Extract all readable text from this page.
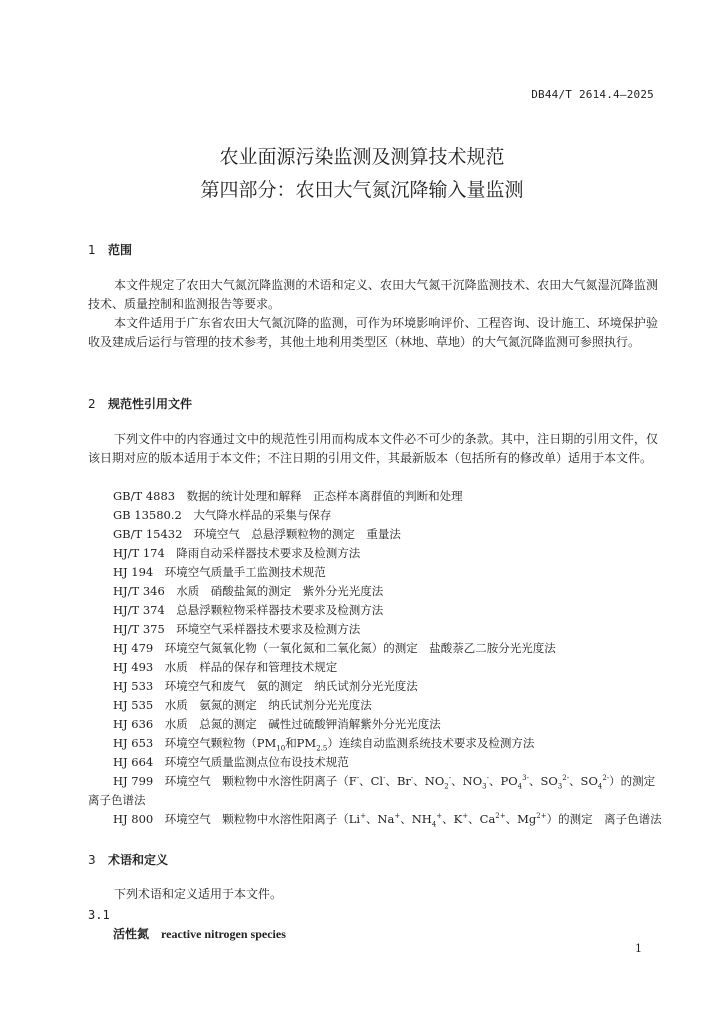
DB44/T 2614.4—2025
农业面源污染监测及测算技术规范
第四部分：农田大气氮沉降输入量监测
1 范围
本文件规定了农田大气氮沉降监测的术语和定义、农田大气氮干沉降监测技术、农田大气氮湿沉降监测技术、质量控制和监测报告等要求。
本文件适用于广东省农田大气氮沉降的监测，可作为环境影响评价、工程咨询、设计施工、环境保护验收及建成后运行与管理的技术参考，其他土地利用类型区（林地、草地）的大气氮沉降监测可参照执行。
2 规范性引用文件
下列文件中的内容通过文中的规范性引用而构成本文件必不可少的条款。其中，注日期的引用文件，仅该日期对应的版本适用于本文件；不注日期的引用文件，其最新版本（包括所有的修改单）适用于本文件。
GB/T 4883　数据的统计处理和解释　正态样本离群值的判断和处理
GB 13580.2　大气降水样品的采集与保存
GB/T 15432　环境空气　总悬浮颗粒物的测定　重量法
HJ/T 174　降雨自动采样器技术要求及检测方法
HJ 194　环境空气质量手工监测技术规范
HJ/T 346　水质　硝酸盐氮的测定　紫外分光光度法
HJ/T 374　总悬浮颗粒物采样器技术要求及检测方法
HJ/T 375　环境空气采样器技术要求及检测方法
HJ 479　环境空气氮氧化物（一氧化氮和二氧化氮）的测定　盐酸萘乙二胺分光光度法
HJ 493　水质　样品的保存和管理技术规定
HJ 533　环境空气和废气　氨的测定　纳氏试剂分光光度法
HJ 535　水质　氨氮的测定　纳氏试剂分光光度法
HJ 636　水质　总氮的测定　碱性过硫酸钾消解紫外分光光度法
HJ 653　环境空气颗粒物（$PM_{10}$和$PM_{2.5}$）连续自动监测系统技术要求及检测方法
HJ 664　环境空气质量监测点位布设技术规范
HJ 799　环境空气　颗粒物中水溶性阴离子（F-、Cl-、Br-、$NO_2^-$、$NO_3^-$、$PO_4^{3-}$、$SO_3^{2-}$、$SO_4^{2-}$）的测定
离子色谱法
HJ 800　环境空气　颗粒物中水溶性阳离子（Li+、Na+、$NH_4^+$、K+、$Ca^{2+}$、$Mg^{2+}$）的测定　离子色谱法
3 术语和定义
下列术语和定义适用于本文件。
3.1
活性氮 reactive nitrogen species
1
